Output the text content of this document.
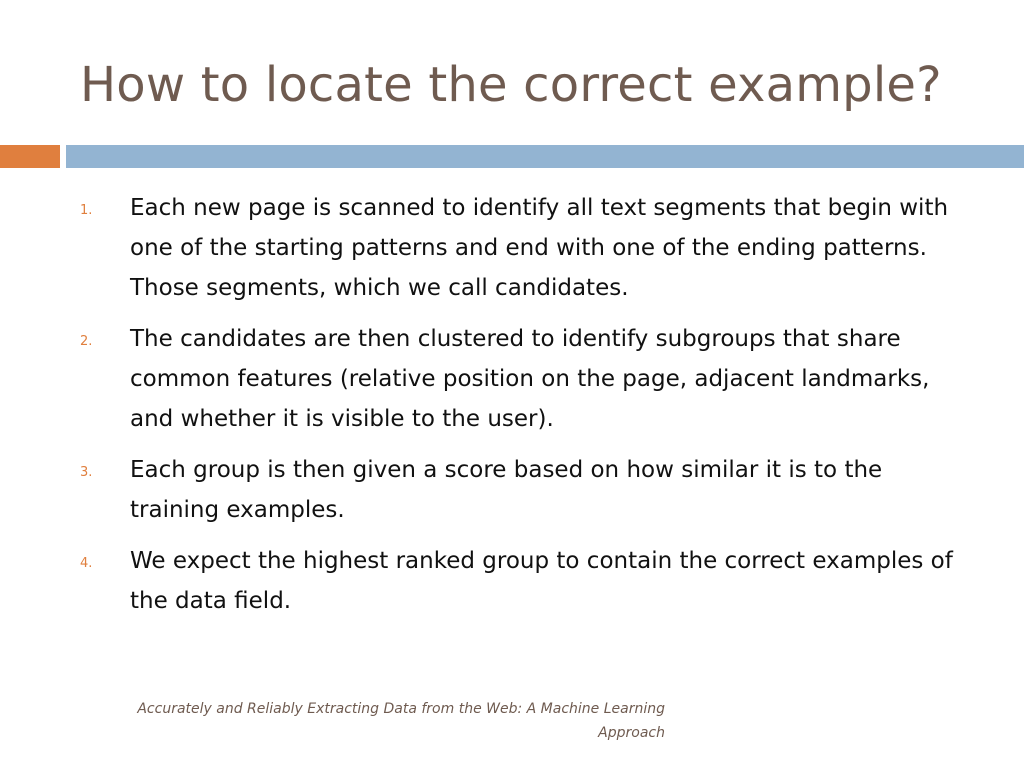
How to locate the correct example?
1. Each new page is scanned to identify all text segments that begin with one of the starting patterns and end with one of the ending patterns. Those segments, which we call candidates.
2. The candidates are then clustered to identify subgroups that share common features (relative position on the page, adjacent landmarks, and whether it is visible to the user).
3. Each group is then given a score based on how similar it is to the training examples.
4. We expect the highest ranked group to contain the correct examples of the data field.
Accurately and Reliably Extracting Data from the Web: A Machine Learning Approach
